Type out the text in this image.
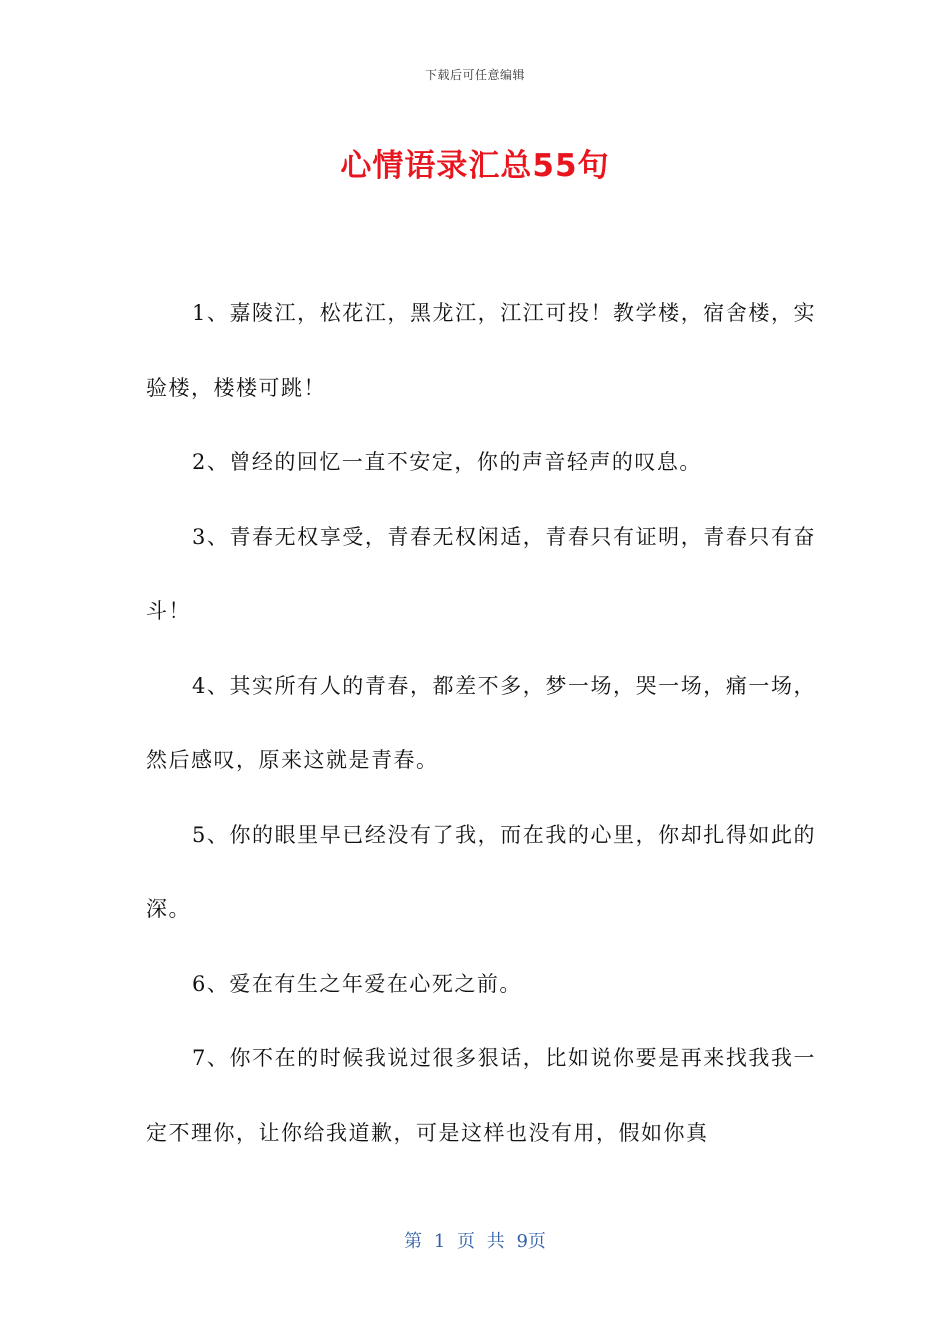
下载后可任意编辑
心情语录汇总55句

1、嘉陵江，松花江，黑龙江，江江可投！教学楼，宿舍楼，实验楼，楼楼可跳！

2、曾经的回忆一直不安定，你的声音轻声的叹息。

3、青春无权享受，青春无权闲适，青春只有证明，青春只有奋斗！

4、其实所有人的青春，都差不多，梦一场，哭一场，痛一场，然后感叹，原来这就是青春。

5、你的眼里早已经没有了我，而在我的心里，你却扎得如此的深。

6、爱在有生之年爱在心死之前。

7、你不在的时候我说过很多狠话，比如说你要是再来找我我一定不理你，让你给我道歉，可是这样也没有用，假如你真

第 1 页 共 9页
